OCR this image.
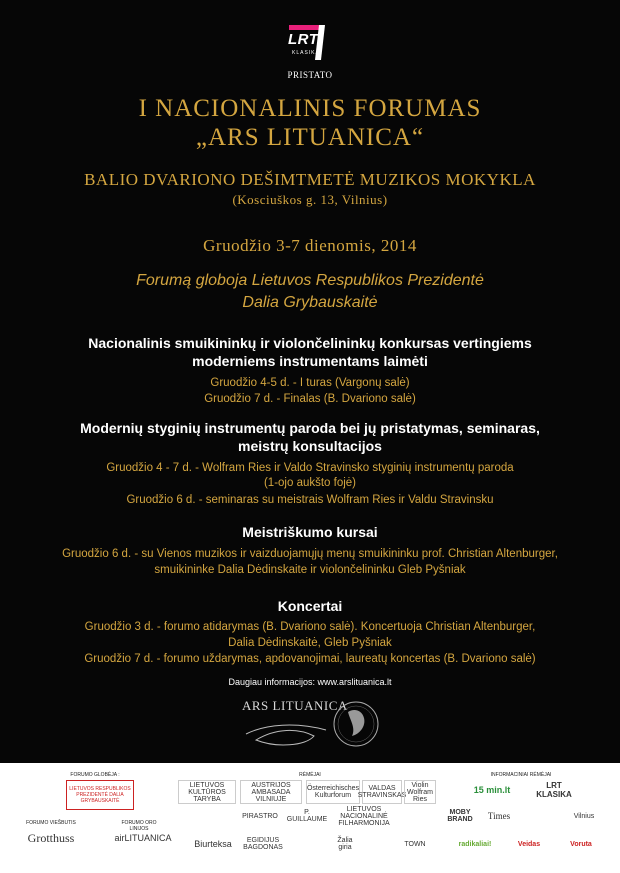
LRT
KLASIKA
PRISTATO
I NACIONALINIS FORUMAS
„ARS LITUANICA“
BALIO DVARIONO DEŠIMTMETĖ MUZIKOS MOKYKLA
(Kosciuškos g. 13, Vilnius)
Gruodžio 3-7 dienomis, 2014
Forumą globoja Lietuvos Respublikos Prezidentė
Dalia Grybauskaitė
Nacionalinis smuikininkų ir violončelininkų konkursas vertingiems
moderniems instrumentams laimėti
Gruodžio 4-5 d. - I turas (Vargonų salė)
Gruodžio 7 d. - Finalas (B. Dvariono salė)
Modernių styginių instrumentų paroda bei jų pristatymas, seminaras,
meistrų konsultacijos
Gruodžio 4 - 7 d. - Wolfram Ries ir Valdo Stravinsko styginių instrumentų paroda
(1-ojo aukšto fojė)
Gruodžio 6 d. - seminaras su meistrais Wolfram Ries ir Valdu Stravinsku
Meistriškumo kursai
Gruodžio 6 d. - su Vienos muzikos ir vaizduojamųjų menų smuikininku prof. Christian Altenburger,
smuikininke Dalia Dėdinskaite ir violončelininku Gleb Pyšniak
Koncertai
Gruodžio 3 d. - forumo atidarymas (B. Dvariono salė). Koncertuoja Christian Altenburger,
Dalia Dėdinskaitė, Gleb Pyšniak
Gruodžio 7 d. - forumo uždarymas, apdovanojimai, laureatų koncertas (B. Dvariono salė)
Daugiau informacijos: www.arslituanica.lt
ARS LITUANICA
FORUMO GLOBĖJA :
LIETUVOS RESPUBLIKOS PREZIDENTĖ DALIA GRYBAUSKAITĖ
FORUMO VIEŠBUTIS	FORUMO ORO LINIJOS
Grotthuss	airLITUANICA
RĖMĖJAI
LIETUVOS KULTŪROS TARYBA
AUSTRIJOS AMBASADA VILNIUJE
Österreichisches Kulturforum
VALDAS STRAVINSKAS
Violin Wolfram Ries
PIRASTRO	P. GUILLAUME
LIETUVOS NACIONALINĖ FILHARMONIJA
Biurteksa	EGIDIJUS BAGDONAS
Žalia giria	TOWN
INFORMACINIAI RĖMĖJAI
15 min.lt	LRT KLASIKA
MOBY BRAND	Times	Vilnius
radikaliai!	Veidas	Voruta
